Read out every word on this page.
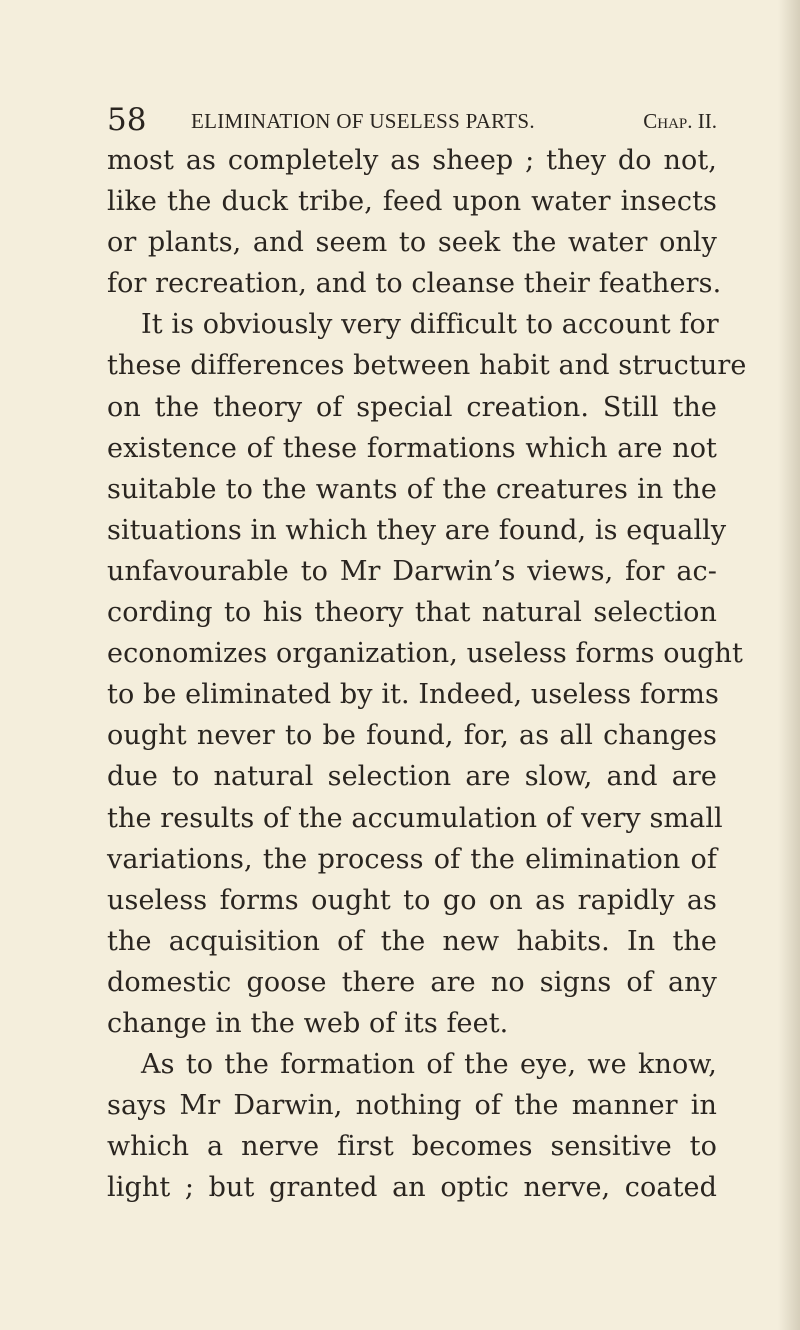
58 ELIMINATION OF USELESS PARTS.	Chap. II.
most as completely as sheep ; they do not,
like the duck tribe, feed upon water insects
or plants, and seem to seek the water only
for recreation, and to cleanse their feathers.
It is obviously very difficult to account for
these differences between habit and structure
on the theory of special creation. Still the
existence of these formations which are not
suitable to the wants of the creatures in the
situations in which they are found, is equally
unfavourable to Mr Darwin’s views, for ac-
cording to his theory that natural selection
economizes organization, useless forms ought
to be eliminated by it. Indeed, useless forms
ought never to be found, for, as all changes
due to natural selection are slow, and are
the results of the accumulation of very small
variations, the process of the elimination of
useless forms ought to go on as rapidly as
the acquisition of the new habits. In the
domestic goose there are no signs of any
change in the web of its feet.
As to the formation of the eye, we know,
says Mr Darwin, nothing of the manner in
which a nerve first becomes sensitive to
light ; but granted an optic nerve, coated
